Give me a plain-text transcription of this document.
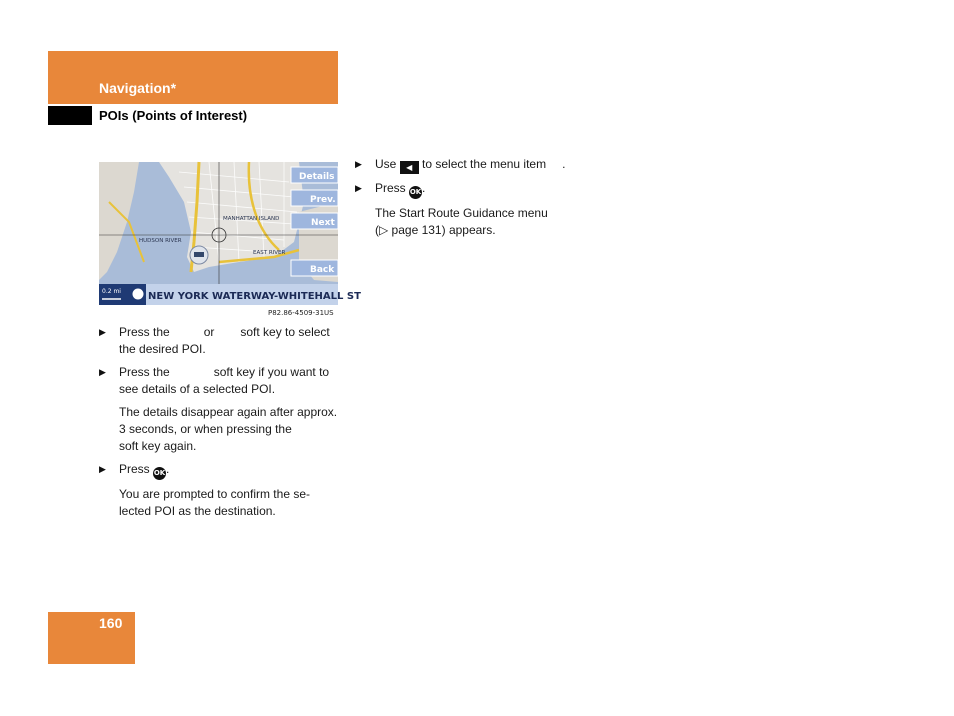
Navigation*
POIs (Points of Interest)
MANHATTAN ISLAND
HUDSON RIVER
EAST RIVER
Details
Prev.
Next
Back
0.2 mi	NEW YORK WATERWAY-WHITEHALL ST
P82.86-4509-31US
▶ Press the	or soft key to select the desired POI.
▶ Press the	soft key if you want to see details of a selected POI.
The details disappear again after approx. 3 seconds, or when pressing thesoft key again.
▶ Press OK.
You are prompted to confirm the se-lected POI as the destination.
▶ Use ◀ to select the menu item .
▶ Press OK.
The Start Route Guidance menu
(▷ page 131) appears.
160
